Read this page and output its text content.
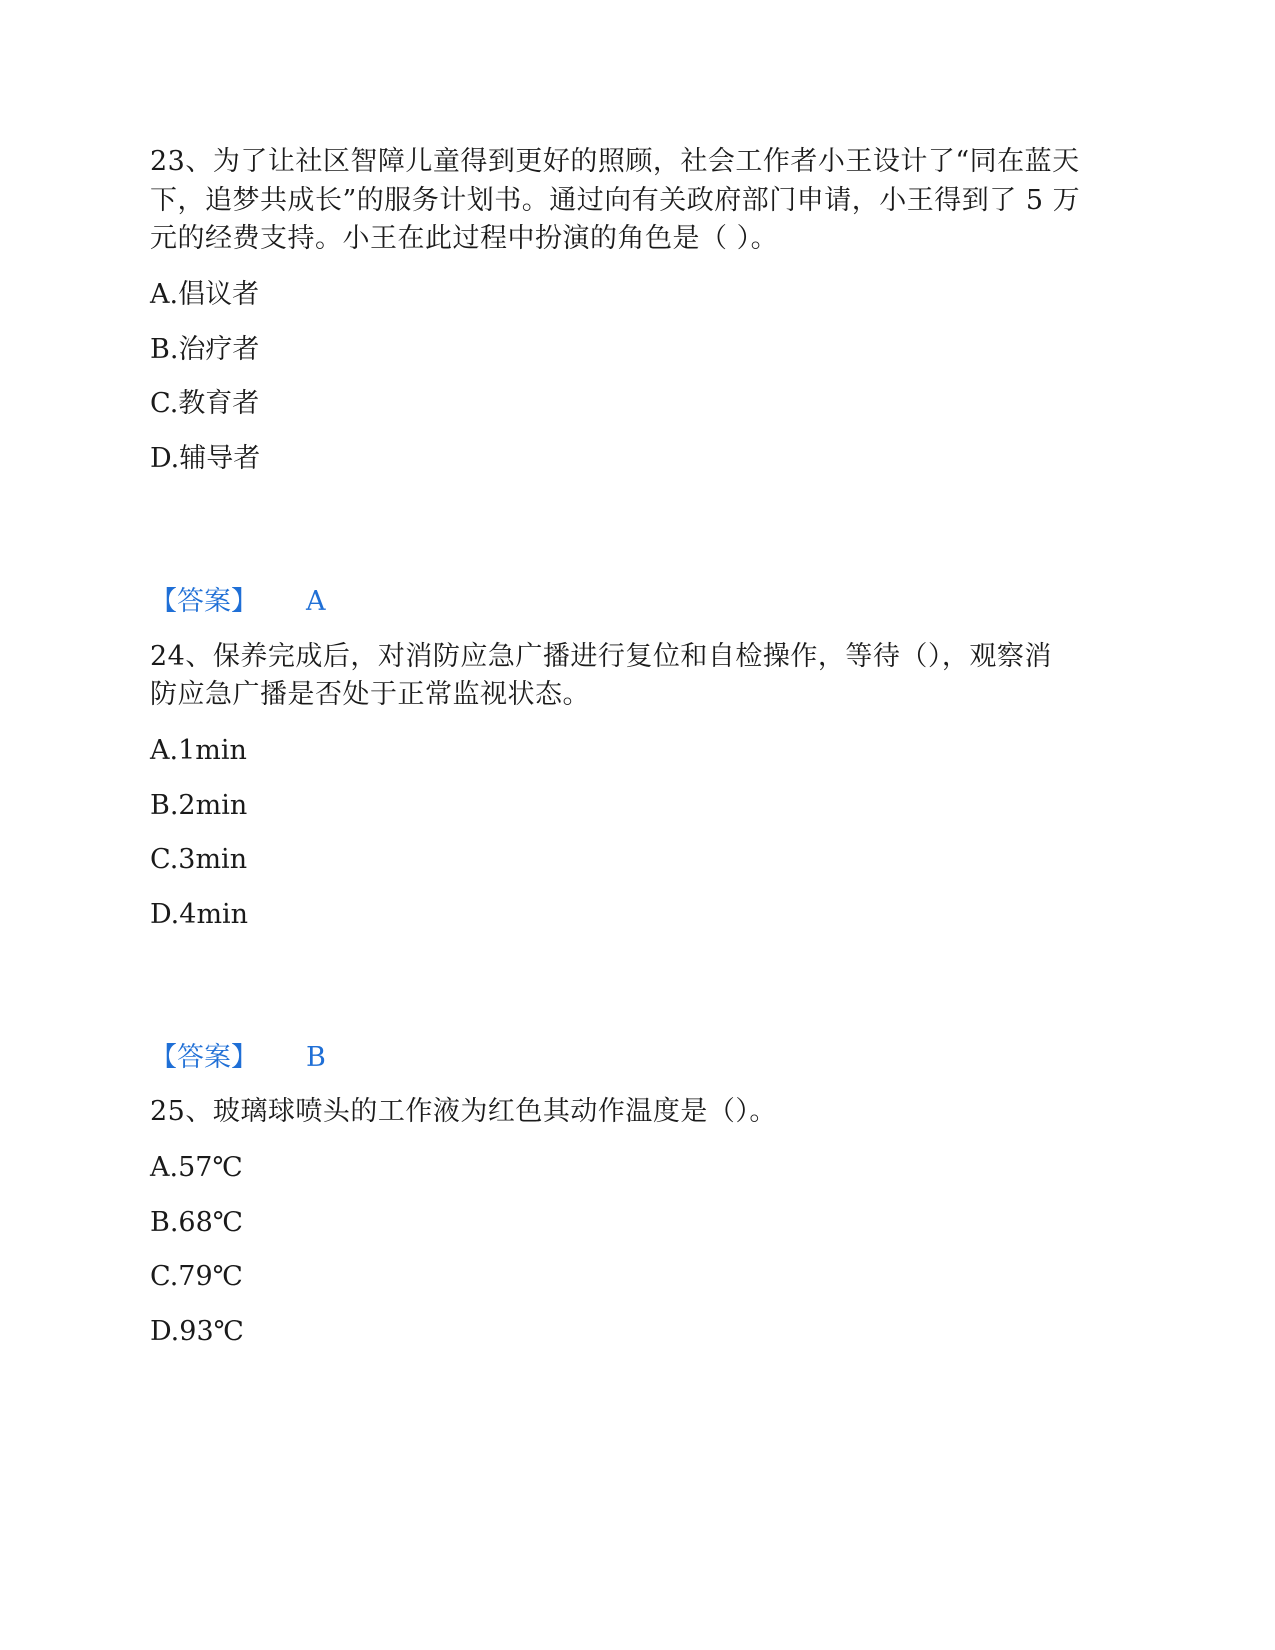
23、为了让社区智障儿童得到更好的照顾，社会工作者小王设计了“同在蓝天
下，追梦共成长”的服务计划书。通过向有关政府部门申请，小王得到了 5 万
元的经费支持。小王在此过程中扮演的角色是（ ）。
A.倡议者
B.治疗者
C.教育者
D.辅导者
【答案】 A
24、保养完成后，对消防应急广播进行复位和自检操作，等待（），观察消
防应急广播是否处于正常监视状态。
A.1min
B.2min
C.3min
D.4min
【答案】 B
25、玻璃球喷头的工作液为红色其动作温度是（）。
A.57℃
B.68℃
C.79℃
D.93℃
